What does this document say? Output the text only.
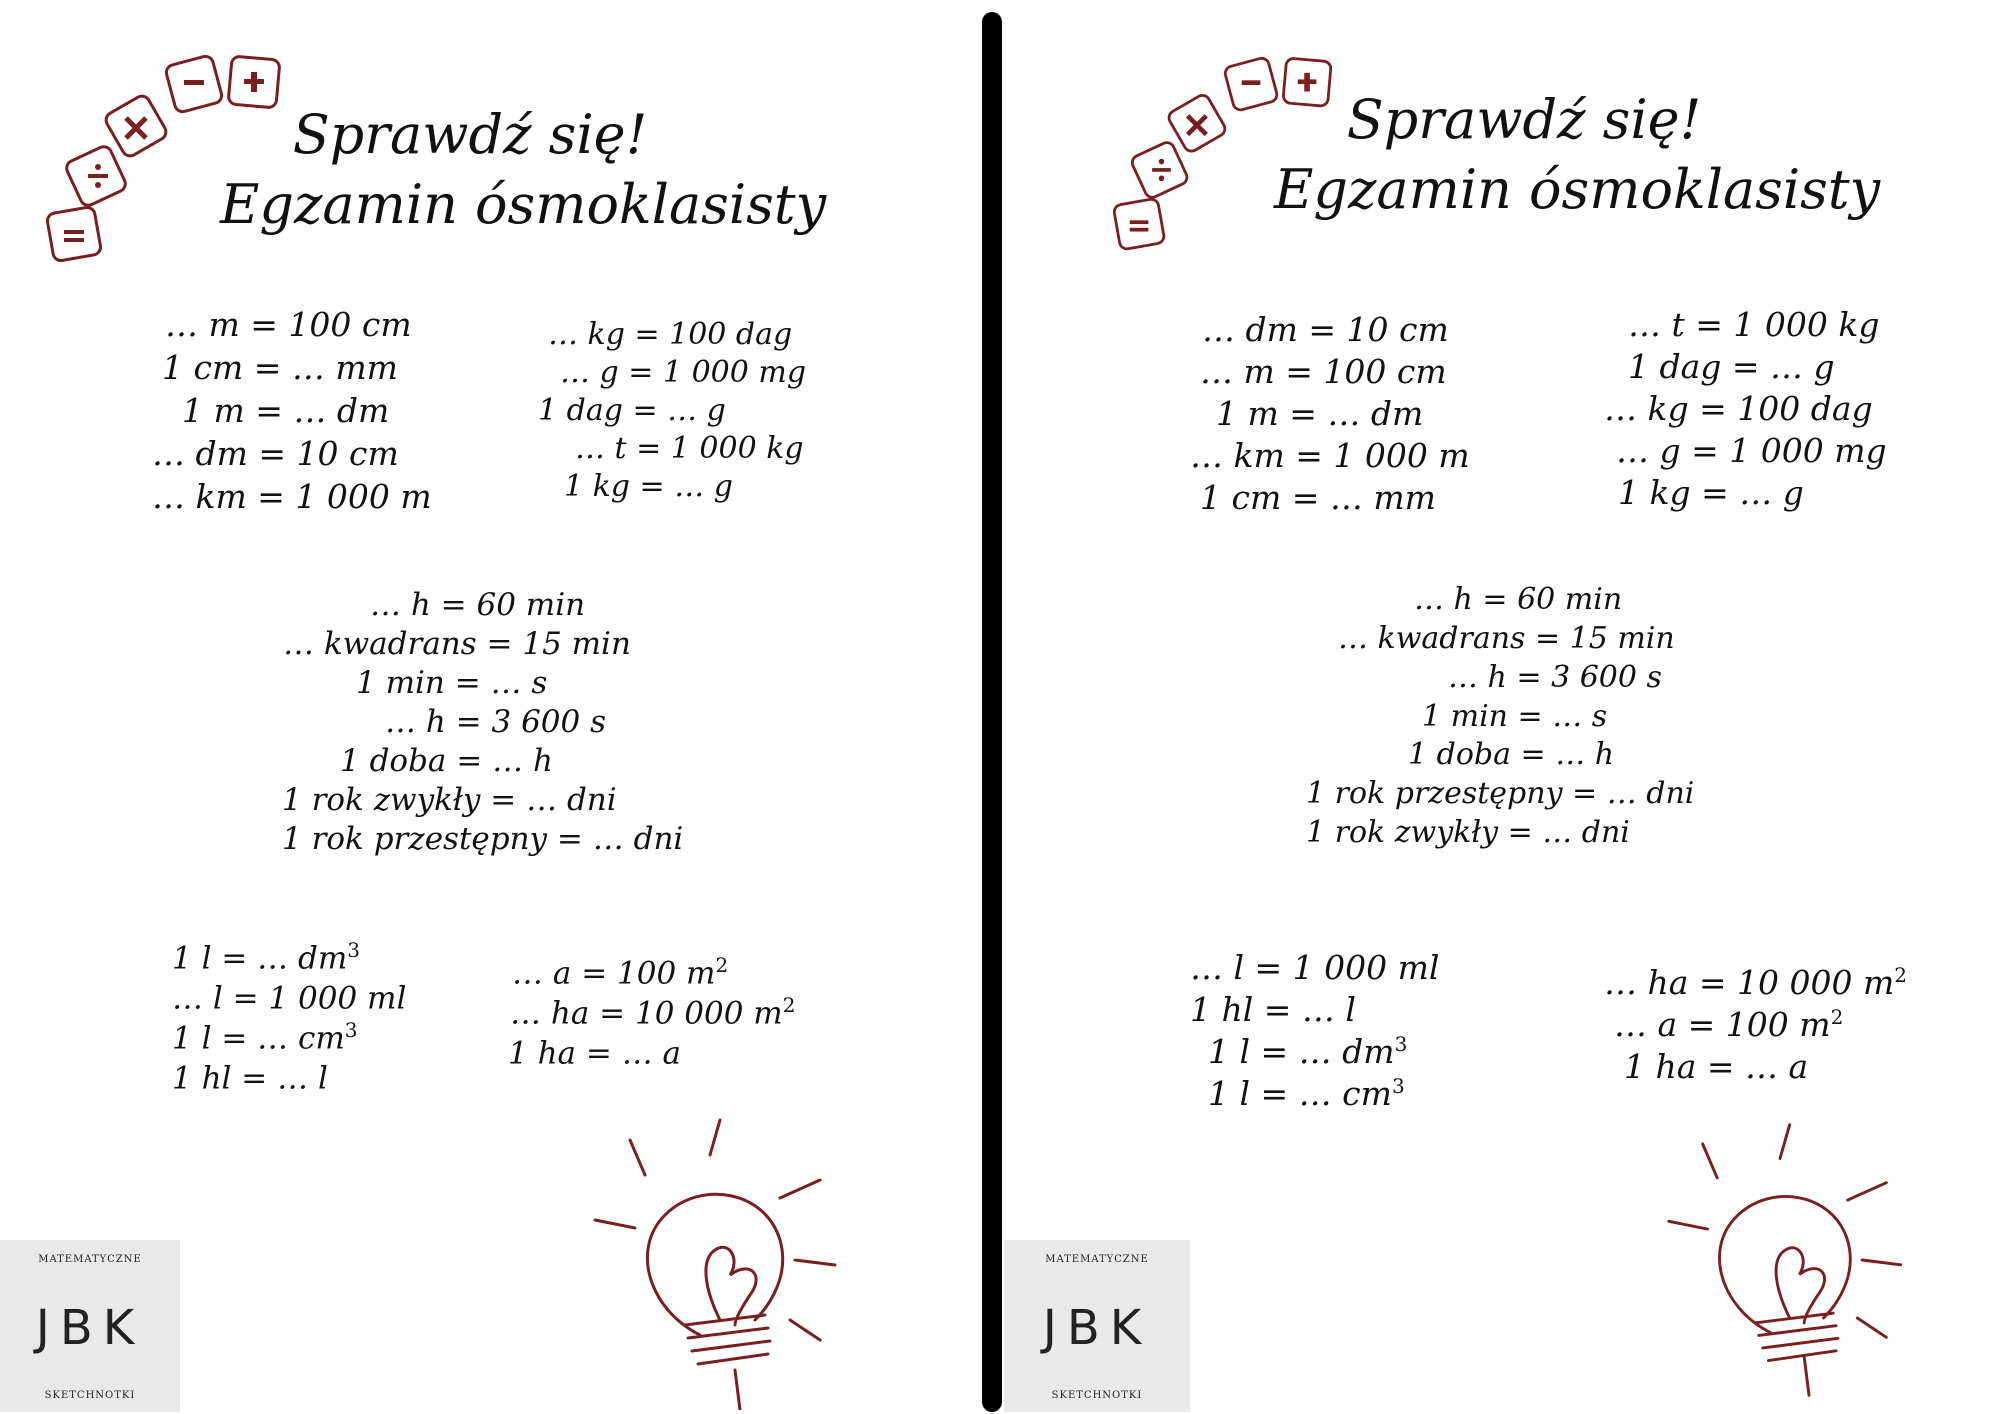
Sprawdź się!
Egzamin ósmoklasisty
… m = 100 cm
1 cm = … mm
1 m = … dm
… dm = 10 cm
… km = 1 000 m
… kg = 100 dag
… g = 1 000 mg
1 dag = … g
… t = 1 000 kg
1 kg = … g
… h = 60 min
… kwadrans = 15 min
1 min = … s
… h = 3 600 s
1 doba = … h
1 rok zwykły = … dni
1 rok przestępny = … dni
1 l = … $dm^3$
… l = 1 000 ml
1 l = … $cm^3$
1 hl = … l
… a = 100 $m^2$
… ha = 10 000 $m^2$
1 ha = … a
MATEMATYCZNE
JBK
SKETCHNOTKI
Sprawdź się!
Egzamin ósmoklasisty
… dm = 10 cm
… m = 100 cm
1 m = … dm
… km = 1 000 m
1 cm = … mm
… t = 1 000 kg
1 dag = … g
… kg = 100 dag
… g = 1 000 mg
1 kg = … g
… h = 60 min
… kwadrans = 15 min
… h = 3 600 s
1 min = … s
1 doba = … h
1 rok przestępny = … dni
1 rok zwykły = … dni
… l = 1 000 ml
1 hl = … l
1 l = … $dm^3$
1 l = … $cm^3$
… ha = 10 000 $m^2$
… a = 100 $m^2$
1 ha = … a
MATEMATYCZNE
JBK
SKETCHNOTKI
